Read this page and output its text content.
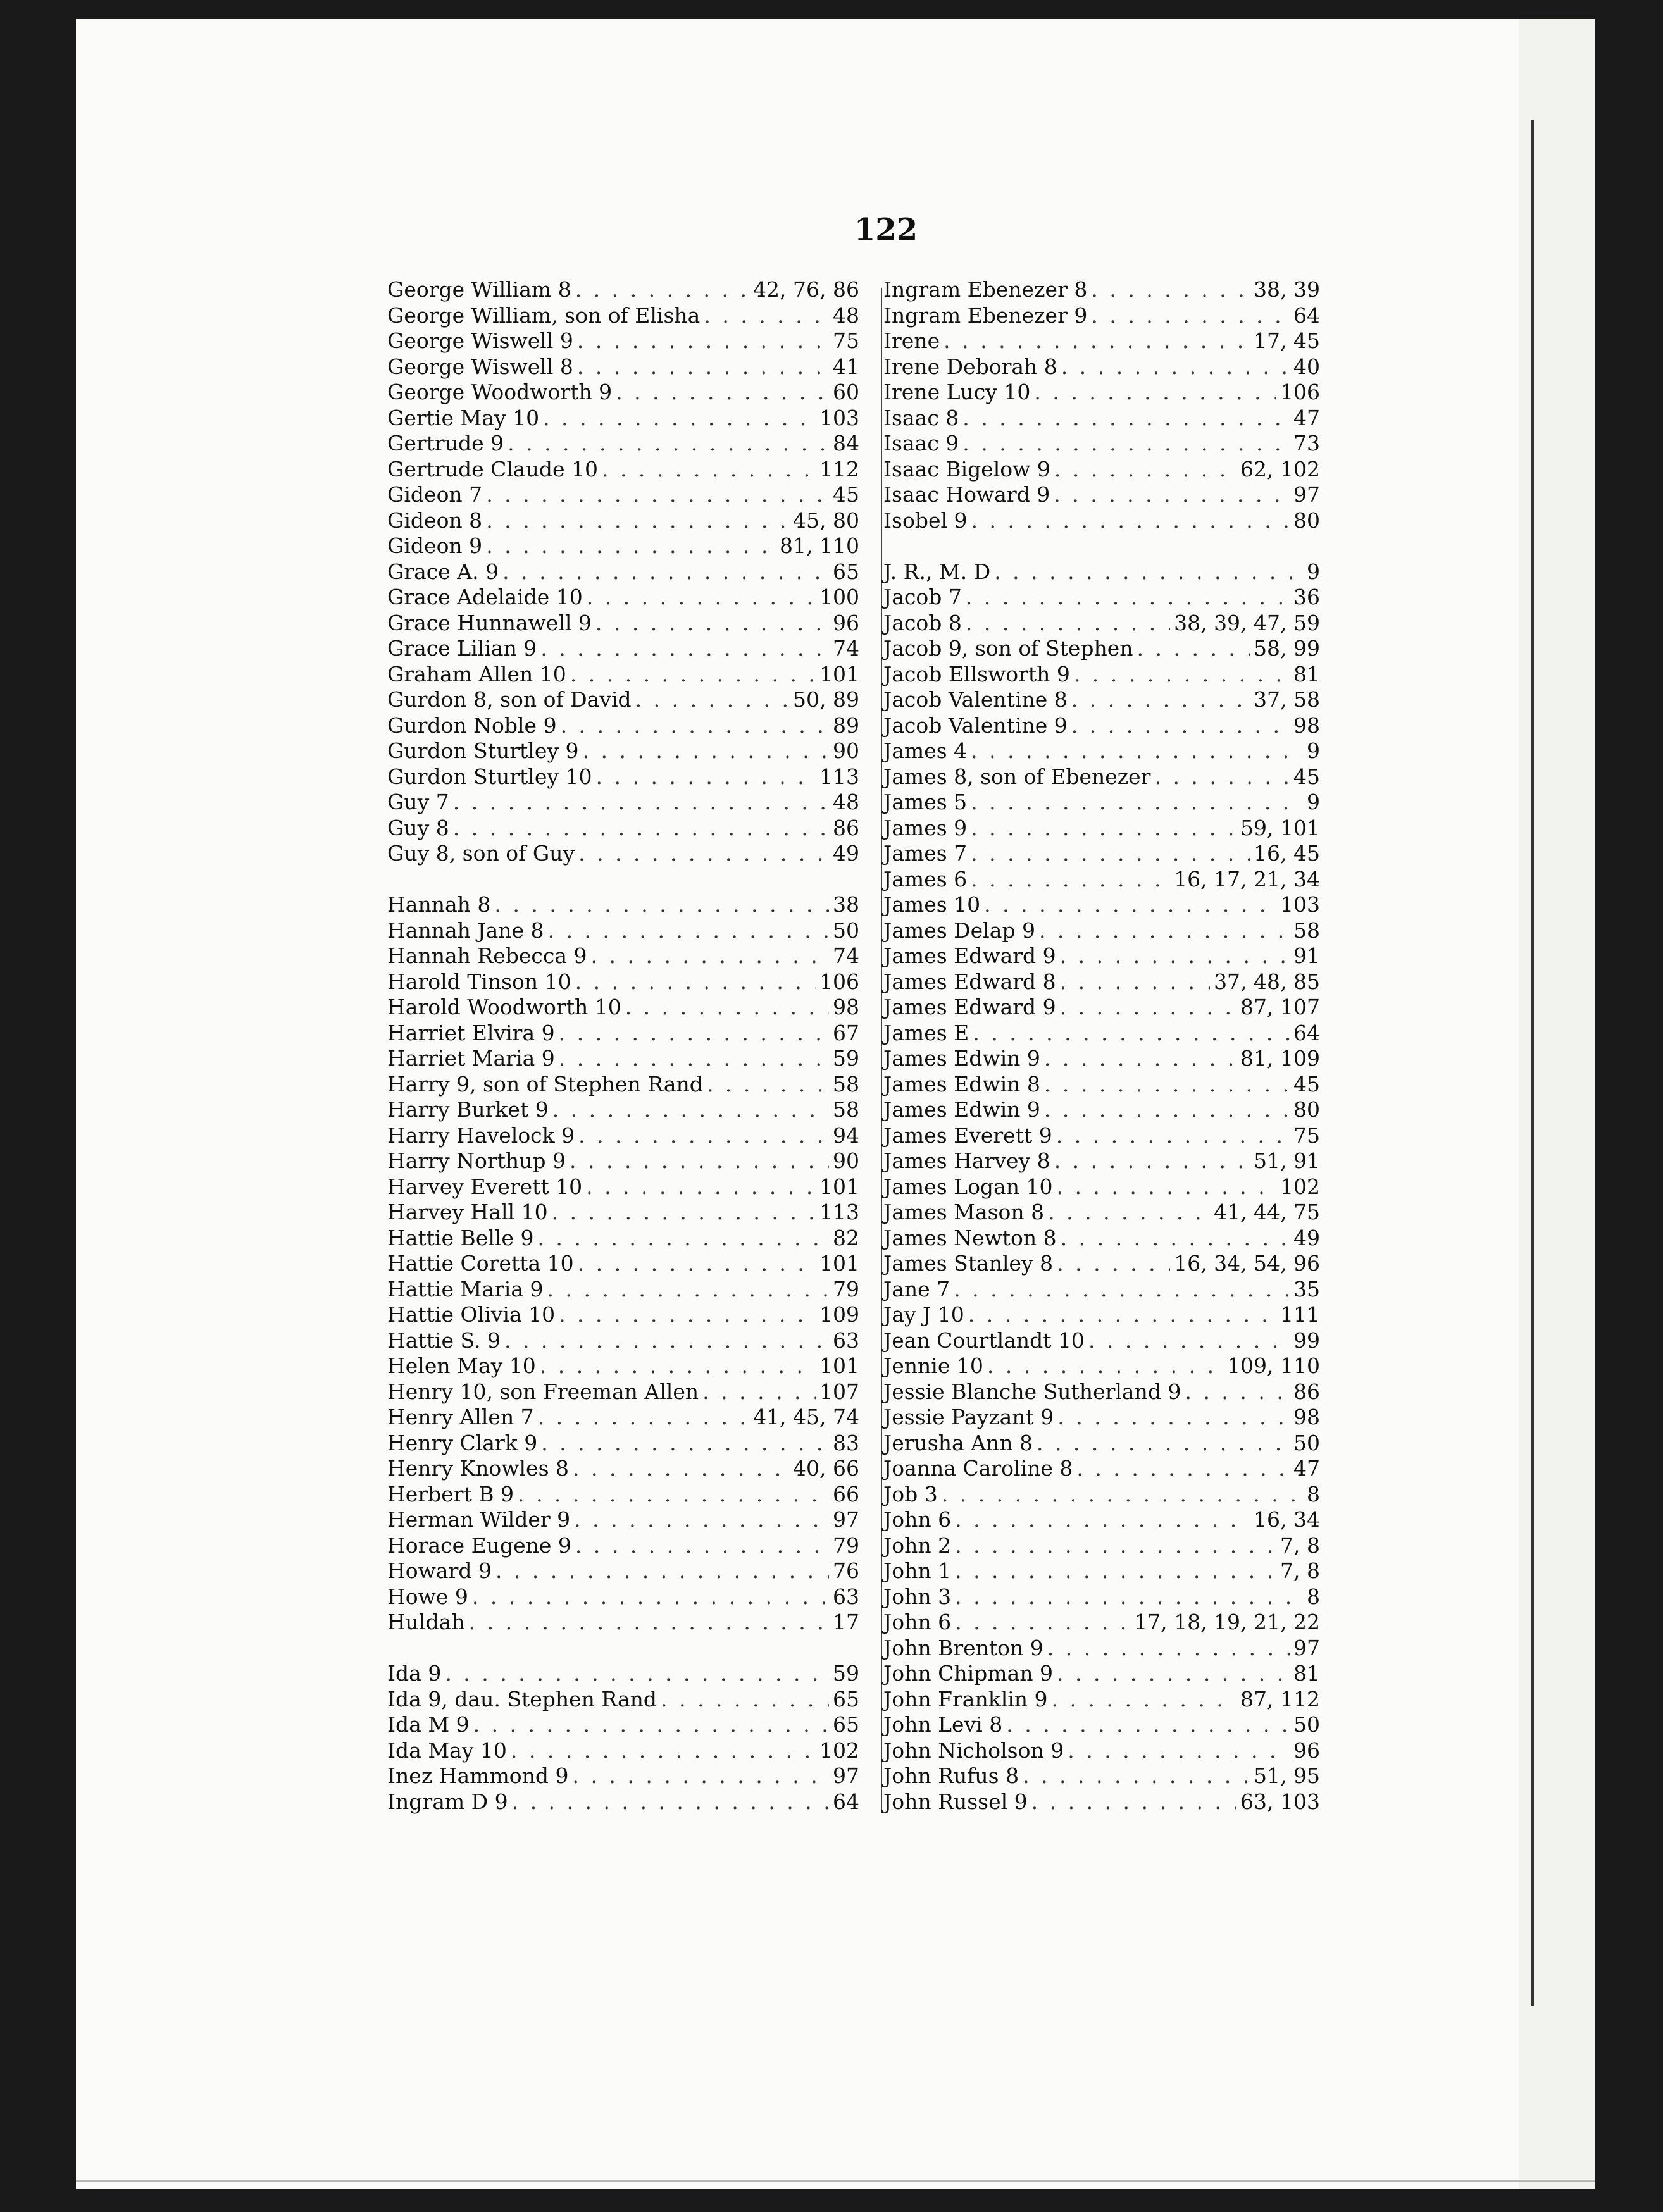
122
George William 8 . . .	42, 76, 86
George William, son of Elisha . . .	48
George Wiswell 9 . . .	75
George Wiswell 8 . . .	41
George Woodworth 9 . . .	60
Gertie May 10 . . .	103
Gertrude 9 . . .	84
Gertrude Claude 10 . . .	112
Gideon 7 . . .	45
Gideon 8 . . .	45, 80
Gideon 9 . . .	81, 110
Grace A. 9 . . .	65
Grace Adelaide 10 . . .	100
Grace Hunnawell 9 . . .	96
Grace Lilian 9 . . .	74
Graham Allen 10 . . .	101
Gurdon 8, son of David . . .	50, 89
Gurdon Noble 9 . . .	89
Gurdon Sturtley 9 . . .	90
Gurdon Sturtley 10 . . .	113
Guy 7 . . .	48
Guy 8 . . .	86
Guy 8, son of Guy . . .	49
Hannah 8 . . .	38
Hannah Jane 8 . . .	50
Hannah Rebecca 9 . . .	74
Harold Tinson 10 . . .	106
Harold Woodworth 10 . . .	98
Harriet Elvira 9 . . .	67
Harriet Maria 9 . . .	59
Harry 9, son of Stephen Rand . . .	58
Harry Burket 9 . . .	58
Harry Havelock 9 . . .	94
Harry Northup 9 . . .	90
Harvey Everett 10 . . .	101
Harvey Hall 10 . . .	113
Hattie Belle 9 . . .	82
Hattie Coretta 10 . . .	101
Hattie Maria 9 . . .	79
Hattie Olivia 10 . . .	109
Hattie S. 9 . . .	63
Helen May 10 . . .	101
Henry 10, son Freeman Allen . . .	107
Henry Allen 7 . . .	41, 45, 74
Henry Clark 9 . . .	83
Henry Knowles 8 . . .	40, 66
Herbert B 9 . . .	66
Herman Wilder 9 . . .	97
Horace Eugene 9 . . .	79
Howard 9 . . .	76
Howe 9 . . .	63
Huldah . . .	17
Ida 9 . . .	59
Ida 9, dau. Stephen Rand . . .	65
Ida M 9 . . .	65
Ida May 10 . . .	102
Inez Hammond 9 . . .	97
Ingram D 9 . . .	64
Ingram Ebenezer 8 . . .	38, 39
Ingram Ebenezer 9 . . .	64
Irene . . .	17, 45
Irene Deborah 8 . . .	40
Irene Lucy 10 . . .	106
Isaac 8 . . .	47
Isaac 9 . . .	73
Isaac Bigelow 9 . . .	62, 102
Isaac Howard 9 . . .	97
Isobel 9 . . .	80
J. R., M. D . . .	9
Jacob 7 . . .	36
Jacob 8 . . .	38, 39, 47, 59
Jacob 9, son of Stephen . . .	58, 99
Jacob Ellsworth 9 . . .	81
Jacob Valentine 8 . . .	37, 58
Jacob Valentine 9 . . .	98
James 4 . . .	9
James 8, son of Ebenezer . . .	45
James 5 . . .	9
James 9 . . .	59, 101
James 7 . . .	16, 45
James 6 . . .	16, 17, 21, 34
James 10 . . .	103
James Delap 9 . . .	58
James Edward 9 . . .	91
James Edward 8 . . .	37, 48, 85
James Edward 9 . . .	87, 107
James E . . .	64
James Edwin 9 . . .	81, 109
James Edwin 8 . . .	45
James Edwin 9 . . .	80
James Everett 9 . . .	75
James Harvey 8 . . .	51, 91
James Logan 10 . . .	102
James Mason 8 . . .	41, 44, 75
James Newton 8 . . .	49
James Stanley 8 . . .	16, 34, 54, 96
Jane 7 . . .	35
Jay J 10 . . .	111
Jean Courtlandt 10 . . .	99
Jennie 10 . . .	109, 110
Jessie Blanche Sutherland 9 . . .	86
Jessie Payzant 9 . . .	98
Jerusha Ann 8 . . .	50
Joanna Caroline 8 . . .	47
Job 3 . . .	8
John 6 . . .	16, 34
John 2 . . .	7, 8
John 1 . . .	7, 8
John 3 . . .	8
John 6 . . .	17, 18, 19, 21, 22
John Brenton 9 . . .	97
John Chipman 9 . . .	81
John Franklin 9 . . .	87, 112
John Levi 8 . . .	50
John Nicholson 9 . . .	96
John Rufus 8 . . .	51, 95
John Russel 9 . . .	63, 103
